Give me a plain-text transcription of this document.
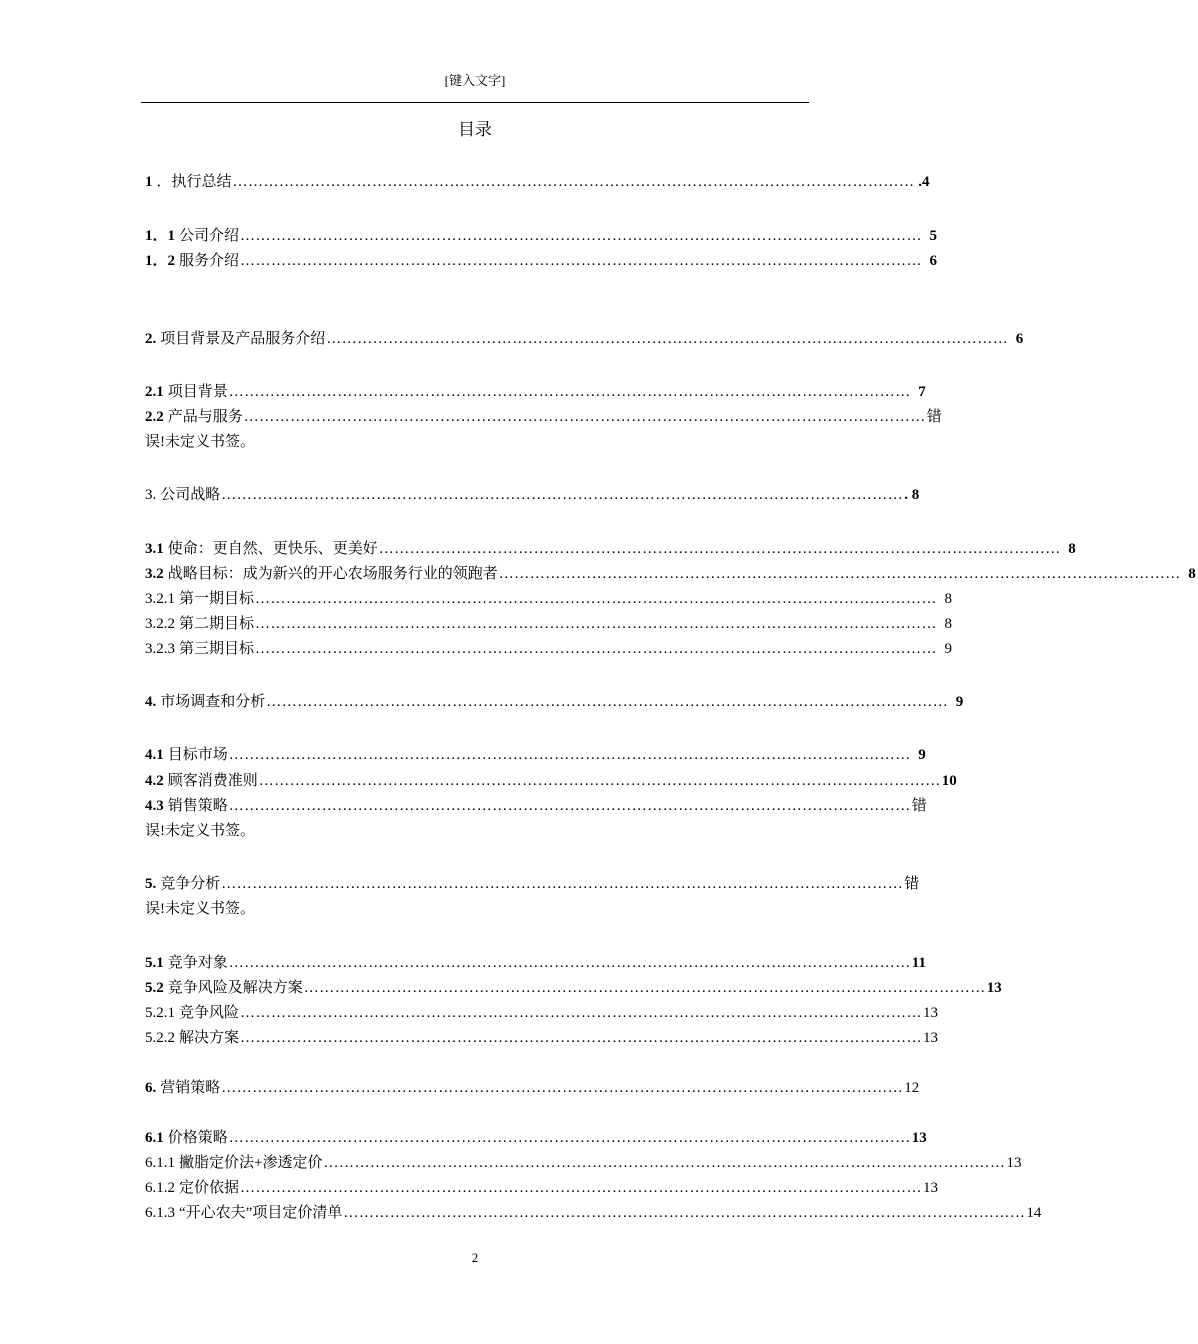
[键入文字]
目录
1 ．执行总结 …………………………………………………………………………………………………………………… .4
1．1 公司介绍 …………………………………………………………………………………………………………………… 5
1．2 服务介绍 …………………………………………………………………………………………………………………… 6
2. 项目背景及产品服务介绍 …………………………………………………………………………………………………………………… 6
2.1 项目背景 …………………………………………………………………………………………………………………… 7
2.2 产品与服务 …………………………………………………………………………………………………………………… 错
误!未定义书签。
3. 公司战略 …………………………………………………………………………………………………………………… . 8
3.1 使命：更自然、更快乐、更美好 …………………………………………………………………………………………………………………… 8
3.2 战略目标：成为新兴的开心农场服务行业的领跑者 …………………………………………………………………………………………………………………… 8
3.2.1 第一期目标 …………………………………………………………………………………………………………………… 8
3.2.2 第二期目标 …………………………………………………………………………………………………………………… 8
3.2.3 第三期目标 …………………………………………………………………………………………………………………… 9
4. 市场调查和分析 …………………………………………………………………………………………………………………… 9
4.1 目标市场 …………………………………………………………………………………………………………………… 9
4.2 顾客消费准则 …………………………………………………………………………………………………………………… 10
4.3 销售策略 …………………………………………………………………………………………………………………… 错
误!未定义书签。
5. 竞争分析 …………………………………………………………………………………………………………………… 错
误!未定义书签。
5.1 竞争对象 …………………………………………………………………………………………………………………… 11
5.2 竞争风险及解决方案 …………………………………………………………………………………………………………………… 13
5.2.1 竞争风险 …………………………………………………………………………………………………………………… 13
5.2.2 解决方案 …………………………………………………………………………………………………………………… 13
6. 营销策略 …………………………………………………………………………………………………………………… 12
6.1 价格策略 …………………………………………………………………………………………………………………… 13
6.1.1 撇脂定价法+渗透定价 …………………………………………………………………………………………………………………… 13
6.1.2 定价依据 …………………………………………………………………………………………………………………… 13
6.1.3 “开心农夫”项目定价清单 …………………………………………………………………………………………………………………… 14
2
